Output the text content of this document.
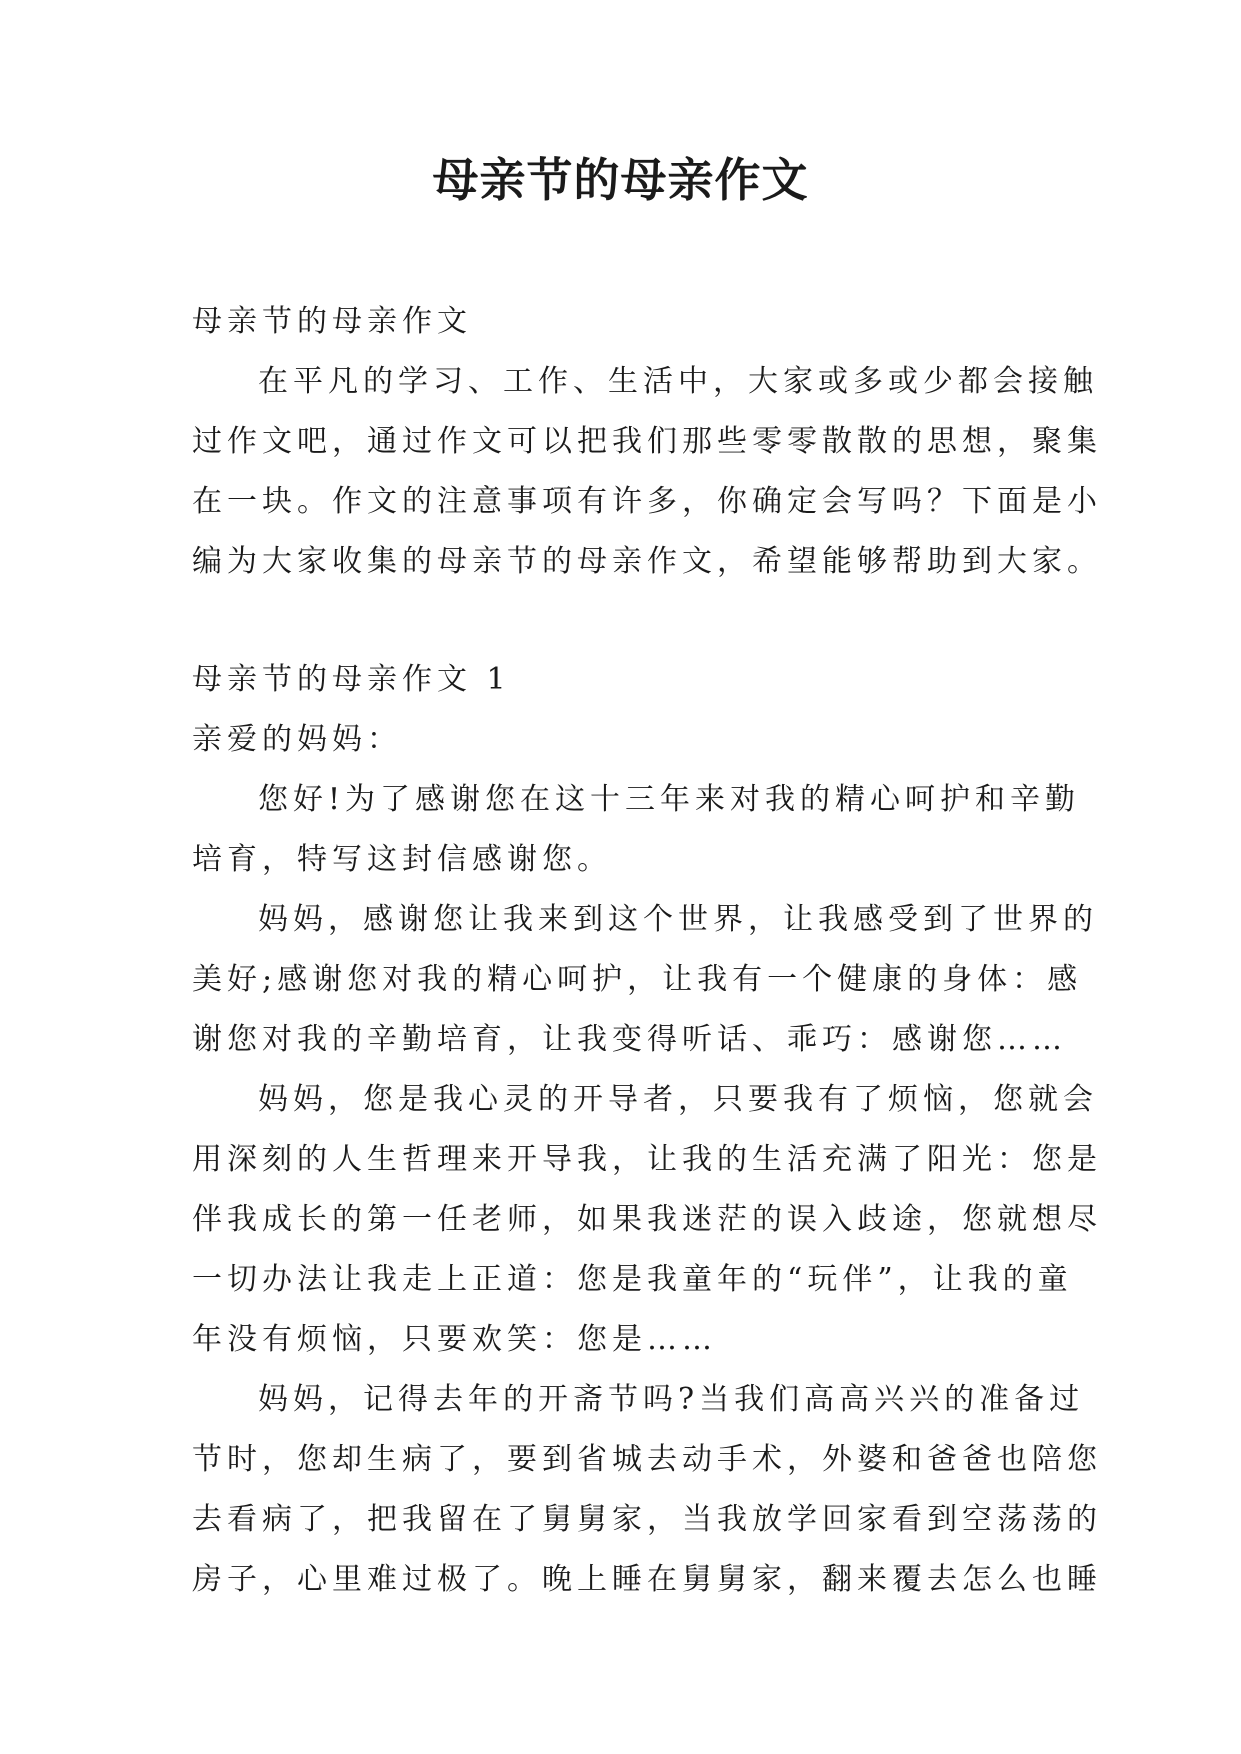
母亲节的母亲作文
母亲节的母亲作文
在平凡的学习、工作、生活中，大家或多或少都会接触
过作文吧，通过作文可以把我们那些零零散散的思想，聚集
在一块。作文的注意事项有许多，你确定会写吗？下面是小
编为大家收集的母亲节的母亲作文，希望能够帮助到大家。
母亲节的母亲作文 1
亲爱的妈妈：
您好!为了感谢您在这十三年来对我的精心呵护和辛勤
培育，特写这封信感谢您。
妈妈，感谢您让我来到这个世界，让我感受到了世界的
美好;感谢您对我的精心呵护，让我有一个健康的身体：感
谢您对我的辛勤培育，让我变得听话、乖巧：感谢您……
妈妈，您是我心灵的开导者，只要我有了烦恼，您就会
用深刻的人生哲理来开导我，让我的生活充满了阳光：您是
伴我成长的第一任老师，如果我迷茫的误入歧途，您就想尽
一切办法让我走上正道：您是我童年的“玩伴”，让我的童
年没有烦恼，只要欢笑：您是……
妈妈，记得去年的开斋节吗?当我们高高兴兴的准备过
节时，您却生病了，要到省城去动手术，外婆和爸爸也陪您
去看病了，把我留在了舅舅家，当我放学回家看到空荡荡的
房子，心里难过极了。晚上睡在舅舅家，翻来覆去怎么也睡
